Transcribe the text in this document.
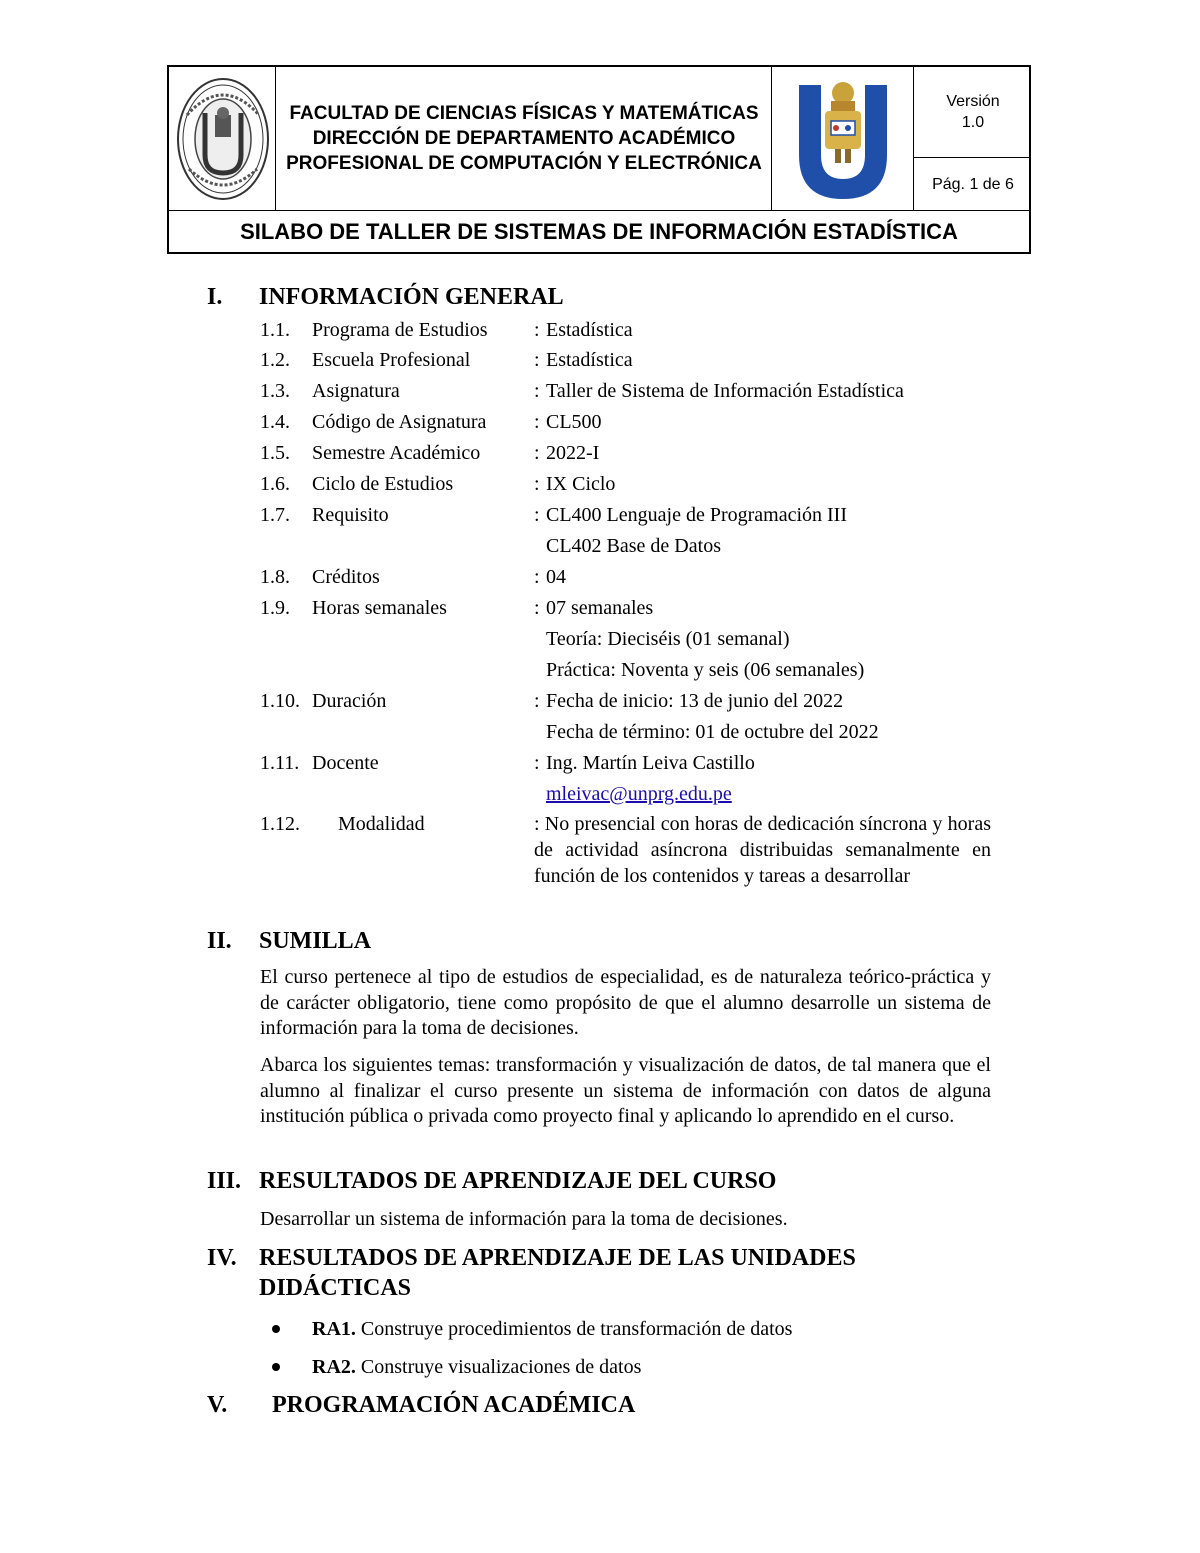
FACULTAD DE CIENCIAS FÍSICAS Y MATEMÁTICAS
DIRECCIÓN DE DEPARTAMENTO ACADÉMICO
PROFESIONAL DE COMPUTACIÓN Y ELECTRÓNICA
Versión
1.0
Pág. 1 de 6
SILABO DE TALLER DE SISTEMAS DE INFORMACIÓN ESTADÍSTICA
I. INFORMACIÓN GENERAL
1.1. Programa de Estudios : Estadística
1.2. Escuela Profesional	: Estadística
1.3. Asignatura	: Taller de Sistema de Información Estadística
1.4. Código de Asignatura : CL500
1.5. Semestre Académico	: 2022-I
1.6. Ciclo de Estudios	: IX Ciclo
1.7. Requisito	: CL400 Lenguaje de Programación III
CL402 Base de Datos
1.8. Créditos	: 04
1.9. Horas semanales	: 07 semanales
Teoría: Dieciséis (01 semanal)
Práctica: Noventa y seis (06 semanales)
1.10. Duración	: Fecha de inicio: 13 de junio del 2022
Fecha de término: 01 de octubre del 2022
1.11. Docente	: Ing. Martín Leiva Castillo
mleivac@unprg.edu.pe
1.12. Modalidad	: No presencial con horas de dedicación síncrona y horas de actividad asíncrona distribuidas semanalmente en función de los contenidos y tareas a desarrollar
II. SUMILLA
El curso pertenece al tipo de estudios de especialidad, es de naturaleza teórico-práctica y de carácter obligatorio, tiene como propósito de que el alumno desarrolle un sistema de información para la toma de decisiones.
Abarca los siguientes temas: transformación y visualización de datos, de tal manera que el alumno al finalizar el curso presente un sistema de información con datos de alguna institución pública o privada como proyecto final y aplicando lo aprendido en el curso.
III. RESULTADOS DE APRENDIZAJE DEL CURSO
Desarrollar un sistema de información para la toma de decisiones.
IV. RESULTADOS DE APRENDIZAJE DE LAS UNIDADES
DIDÁCTICAS
RA1. Construye procedimientos de transformación de datos
RA2. Construye visualizaciones de datos
V. PROGRAMACIÓN ACADÉMICA
